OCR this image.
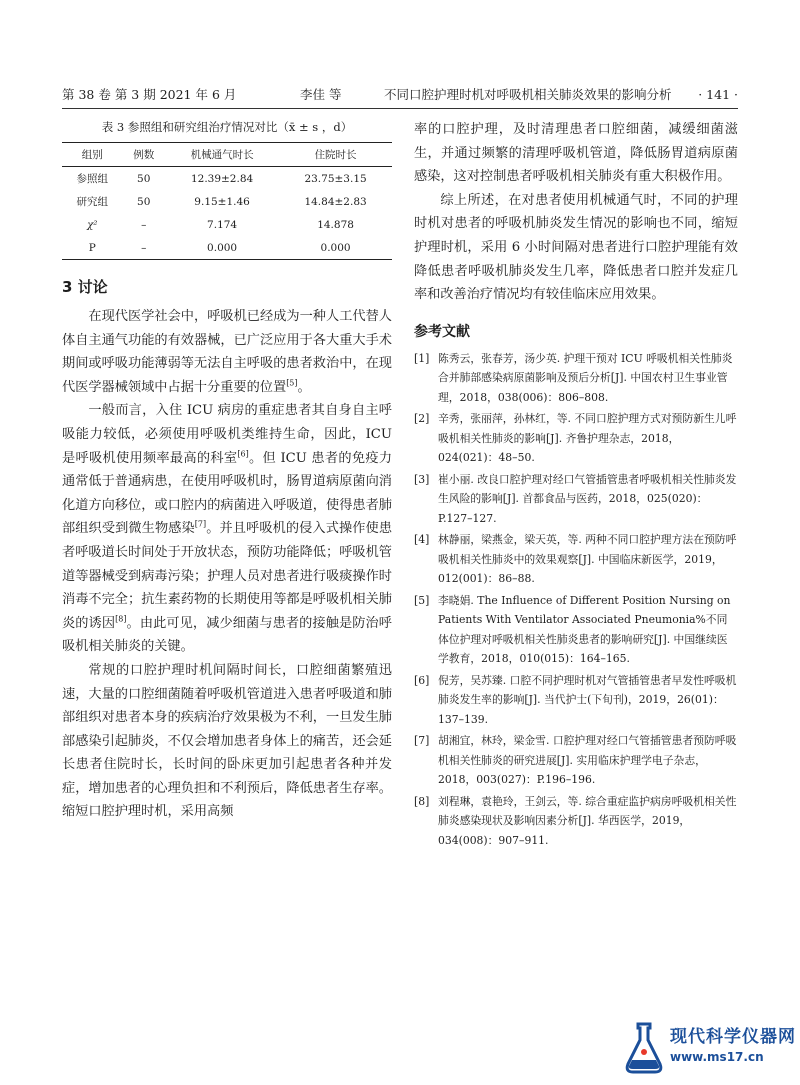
第 38 卷 第 3 期 2021 年 6 月	李佳 等	不同口腔护理时机对呼吸机相关肺炎效果的影响分析 · 141 ·
表 3 参照组和研究组治疗情况对比（x̄ ± s ，d）
组别	例数	机械通气时长	住院时长
参照组	50	12.39±2.84	23.75±3.15
研究组	50	9.15±1.46	14.84±2.83
χ²	–	7.174	14.878
P	–	0.000	0.000
3 讨论

在现代医学社会中，呼吸机已经成为一种人工代替人体自主通气功能的有效器械，已广泛应用于各大重大手术期间或呼吸功能薄弱等无法自主呼吸的患者救治中，在现代医学器械领域中占据十分重要的位置[5]。

一般而言，入住 ICU 病房的重症患者其自身自主呼吸能力较低，必须使用呼吸机类维持生命，因此，ICU 是呼吸机使用频率最高的科室[6]。但 ICU 患者的免疫力通常低于普通病患，在使用呼吸机时，肠胃道病原菌向消化道方向移位，或口腔内的病菌进入呼吸道，使得患者肺部组织受到微生物感染[7]。并且呼吸机的侵入式操作使患者呼吸道长时间处于开放状态，预防功能降低；呼吸机管道等器械受到病毒污染；护理人员对患者进行吸痰操作时消毒不完全；抗生素药物的长期使用等都是呼吸机相关肺炎的诱因[8]。由此可见，减少细菌与患者的接触是防治呼吸机相关肺炎的关键。

常规的口腔护理时机间隔时间长，口腔细菌繁殖迅速，大量的口腔细菌随着呼吸机管道进入患者呼吸道和肺部组织对患者本身的疾病治疗效果极为不利，一旦发生肺部感染引起肺炎，不仅会增加患者身体上的痛苦，还会延长患者住院时长，长时间的卧床更加引起患者各种并发症，增加患者的心理负担和不利预后，降低患者生存率。缩短口腔护理时机，采用高频

率的口腔护理，及时清理患者口腔细菌，减缓细菌滋生，并通过频繁的清理呼吸机管道，降低肠胃道病原菌感染，这对控制患者呼吸机相关肺炎有重大积极作用。

综上所述，在对患者使用机械通气时，不同的护理时机对患者的呼吸机肺炎发生情况的影响也不同，缩短护理时机，采用 6 小时间隔对患者进行口腔护理能有效降低患者呼吸机肺炎发生几率，降低患者口腔并发症几率和改善治疗情况均有较佳临床应用效果。

参考文献
[1] 陈秀云，张春芳，汤少英. 护理干预对 ICU 呼吸机相关性肺炎合并肺部感染病原菌影响及预后分析[J]. 中国农村卫生事业管理，2018，038(006)：806–808.
[2] 辛秀，张丽萍，孙林红，等. 不同口腔护理方式对预防新生儿呼吸机相关性肺炎的影响[J]. 齐鲁护理杂志，2018，024(021)：48–50.
[3] 崔小丽. 改良口腔护理对经口气管插管患者呼吸机相关性肺炎发生风险的影响[J]. 首都食品与医药，2018，025(020)：P.127–127.
[4] 林静丽，梁燕金，梁天英，等. 两种不同口腔护理方法在预防呼吸机相关性肺炎中的效果观察[J]. 中国临床新医学，2019，012(001)：86–88.
[5] 李晓娟. The Influence of Different Position Nursing on Patients With Ventilator Associated Pneumonia%不同体位护理对呼吸机相关性肺炎患者的影响研究[J]. 中国继续医学教育，2018，010(015)：164–165.
[6] 倪芳，吴苏臻. 口腔不同护理时机对气管插管患者早发性呼吸机肺炎发生率的影响[J]. 当代护士(下旬刊)，2019，26(01)：137–139.
[7] 胡湘宜，林玲，梁金雪. 口腔护理对经口气管插管患者预防呼吸机相关性肺炎的研究进展[J]. 实用临床护理学电子杂志，2018，003(027)：P.196–196.
[8] 刘程琳，袁艳玲，王剑云，等. 综合重症监护病房呼吸机相关性肺炎感染现状及影响因素分析[J]. 华西医学，2019，034(008)：907–911.
现代科学仪器网
www.ms17.cn
